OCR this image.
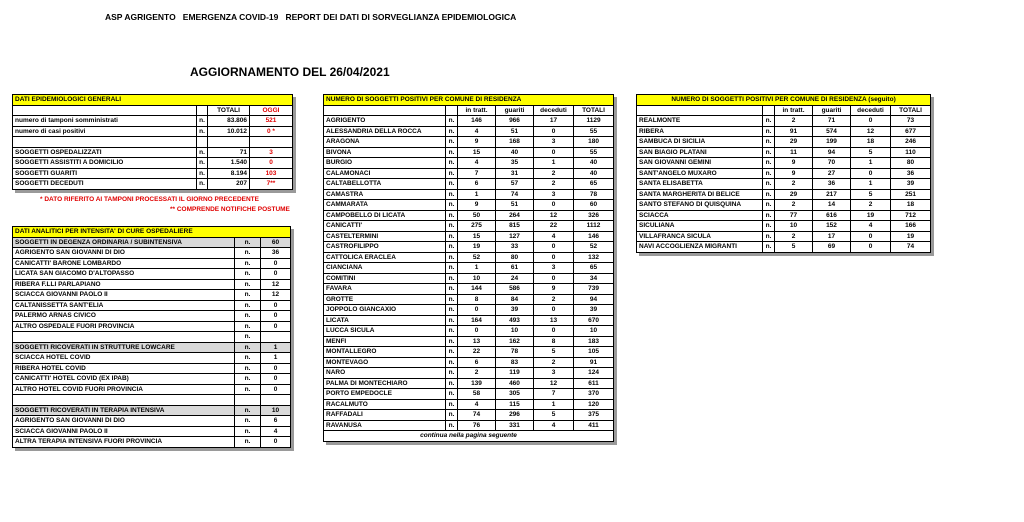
ASP AGRIGENTO EMERGENZA COVID-19 REPORT DEI DATI DI SORVEGLIANZA EPIDEMIOLOGICA
AGGIORNAMENTO DEL 26/04/2021
DATI EPIDEMIOLOGICI GENERALI			
		TOTALI	OGGI
numero di tamponi somministrati	n.	83.806	521
numero di casi positivi	n.	10.012	0 *

SOGGETTI OSPEDALIZZATI	n.	71	3
SOGGETTI ASSISTITI A DOMICILIO	n.	1.540	0
SOGGETTI GUARITI	n.	8.194	103
SOGGETTI DECEDUTI	n.	207	7**
* DATO RIFERITO AI TAMPONI PROCESSATI IL GIORNO PRECEDENTE
** COMPRENDE NOTIFICHE POSTUME
DATI ANALITICI PER INTENSITA' DI CURE OSPEDALIERE		
SOGGETTI IN DEGENZA ORDINARIA / SUBINTENSIVA	n.	60
AGRIGENTO SAN GIOVANNI DI DIO	n.	36
CANICATTI' BARONE LOMBARDO	n.	0
LICATA SAN GIACOMO D'ALTOPASSO	n.	0
RIBERA F.LLI PARLAPIANO	n.	12
SCIACCA GIOVANNI PAOLO II	n.	12
CALTANISSETTA SANT'ELIA	n.	0
PALERMO ARNAS CIVICO	n.	0
ALTRO OSPEDALE FUORI PROVINCIA	n.	0
	n.	
SOGGETTI RICOVERATI IN STRUTTURE LOWCARE	n.	1
SCIACCA HOTEL COVID	n.	1
RIBERA HOTEL COVID	n.	0
CANICATTI' HOTEL COVID (EX IPAB)	n.	0
ALTRO HOTEL COVID FUORI PROVINCIA	n.	0

SOGGETTI RICOVERATI IN TERAPIA INTENSIVA	n.	10
AGRIGENTO SAN GIOVANNI DI DIO	n.	6
SCIACCA GIOVANNI PAOLO II	n.	4
ALTRA TERAPIA INTENSIVA FUORI PROVINCIA	n.	0
NUMERO DI SOGGETTI POSITIVI PER COMUNE DI RESIDENZA					
		in tratt.	guariti	deceduti	TOTALI
AGRIGENTO	n.	146	966	17	1129
ALESSANDRIA DELLA ROCCA	n.	4	51	0	55
ARAGONA	n.	9	168	3	180
BIVONA	n.	15	40	0	55
BURGIO	n.	4	35	1	40
CALAMONACI	n.	7	31	2	40
CALTABELLOTTA	n.	6	57	2	65
CAMASTRA	n.	1	74	3	78
CAMMARATA	n.	9	51	0	60
CAMPOBELLO DI LICATA	n.	50	264	12	326
CANICATTI'	n.	275	815	22	1112
CASTELTERMINI	n.	15	127	4	146
CASTROFILIPPO	n.	19	33	0	52
CATTOLICA ERACLEA	n.	52	80	0	132
CIANCIANA	n.	1	61	3	65
COMITINI	n.	10	24	0	34
FAVARA	n.	144	586	9	739
GROTTE	n.	8	84	2	94
JOPPOLO GIANCAXIO	n.	0	39	0	39
LICATA	n.	164	493	13	670
LUCCA SICULA	n.	0	10	0	10
MENFI	n.	13	162	8	183
MONTALLEGRO	n.	22	78	5	105
MONTEVAGO	n.	6	83	2	91
NARO	n.	2	119	3	124
PALMA DI MONTECHIARO	n.	139	460	12	611
PORTO EMPEDOCLE	n.	58	305	7	370
RACALMUTO	n.	4	115	1	120
RAFFADALI	n.	74	296	5	375
RAVANUSA	n.	76	331	4	411
continua nella pagina seguente					
NUMERO DI SOGGETTI POSITIVI PER COMUNE DI RESIDENZA (seguito)					
		in tratt.	guariti	deceduti	TOTALI
REALMONTE	n.	2	71	0	73
RIBERA	n.	91	574	12	677
SAMBUCA DI SICILIA	n.	29	199	18	246
SAN BIAGIO PLATANI	n.	11	94	5	110
SAN GIOVANNI GEMINI	n.	9	70	1	80
SANT'ANGELO MUXARO	n.	9	27	0	36
SANTA ELISABETTA	n.	2	36	1	39
SANTA MARGHERITA DI BELICE	n.	29	217	5	251
SANTO STEFANO DI QUISQUINA	n.	2	14	2	18
SCIACCA	n.	77	616	19	712
SICULIANA	n.	10	152	4	166
VILLAFRANCA SICULA	n.	2	17	0	19
NAVI ACCOGLIENZA MIGRANTI	n.	5	69	0	74
